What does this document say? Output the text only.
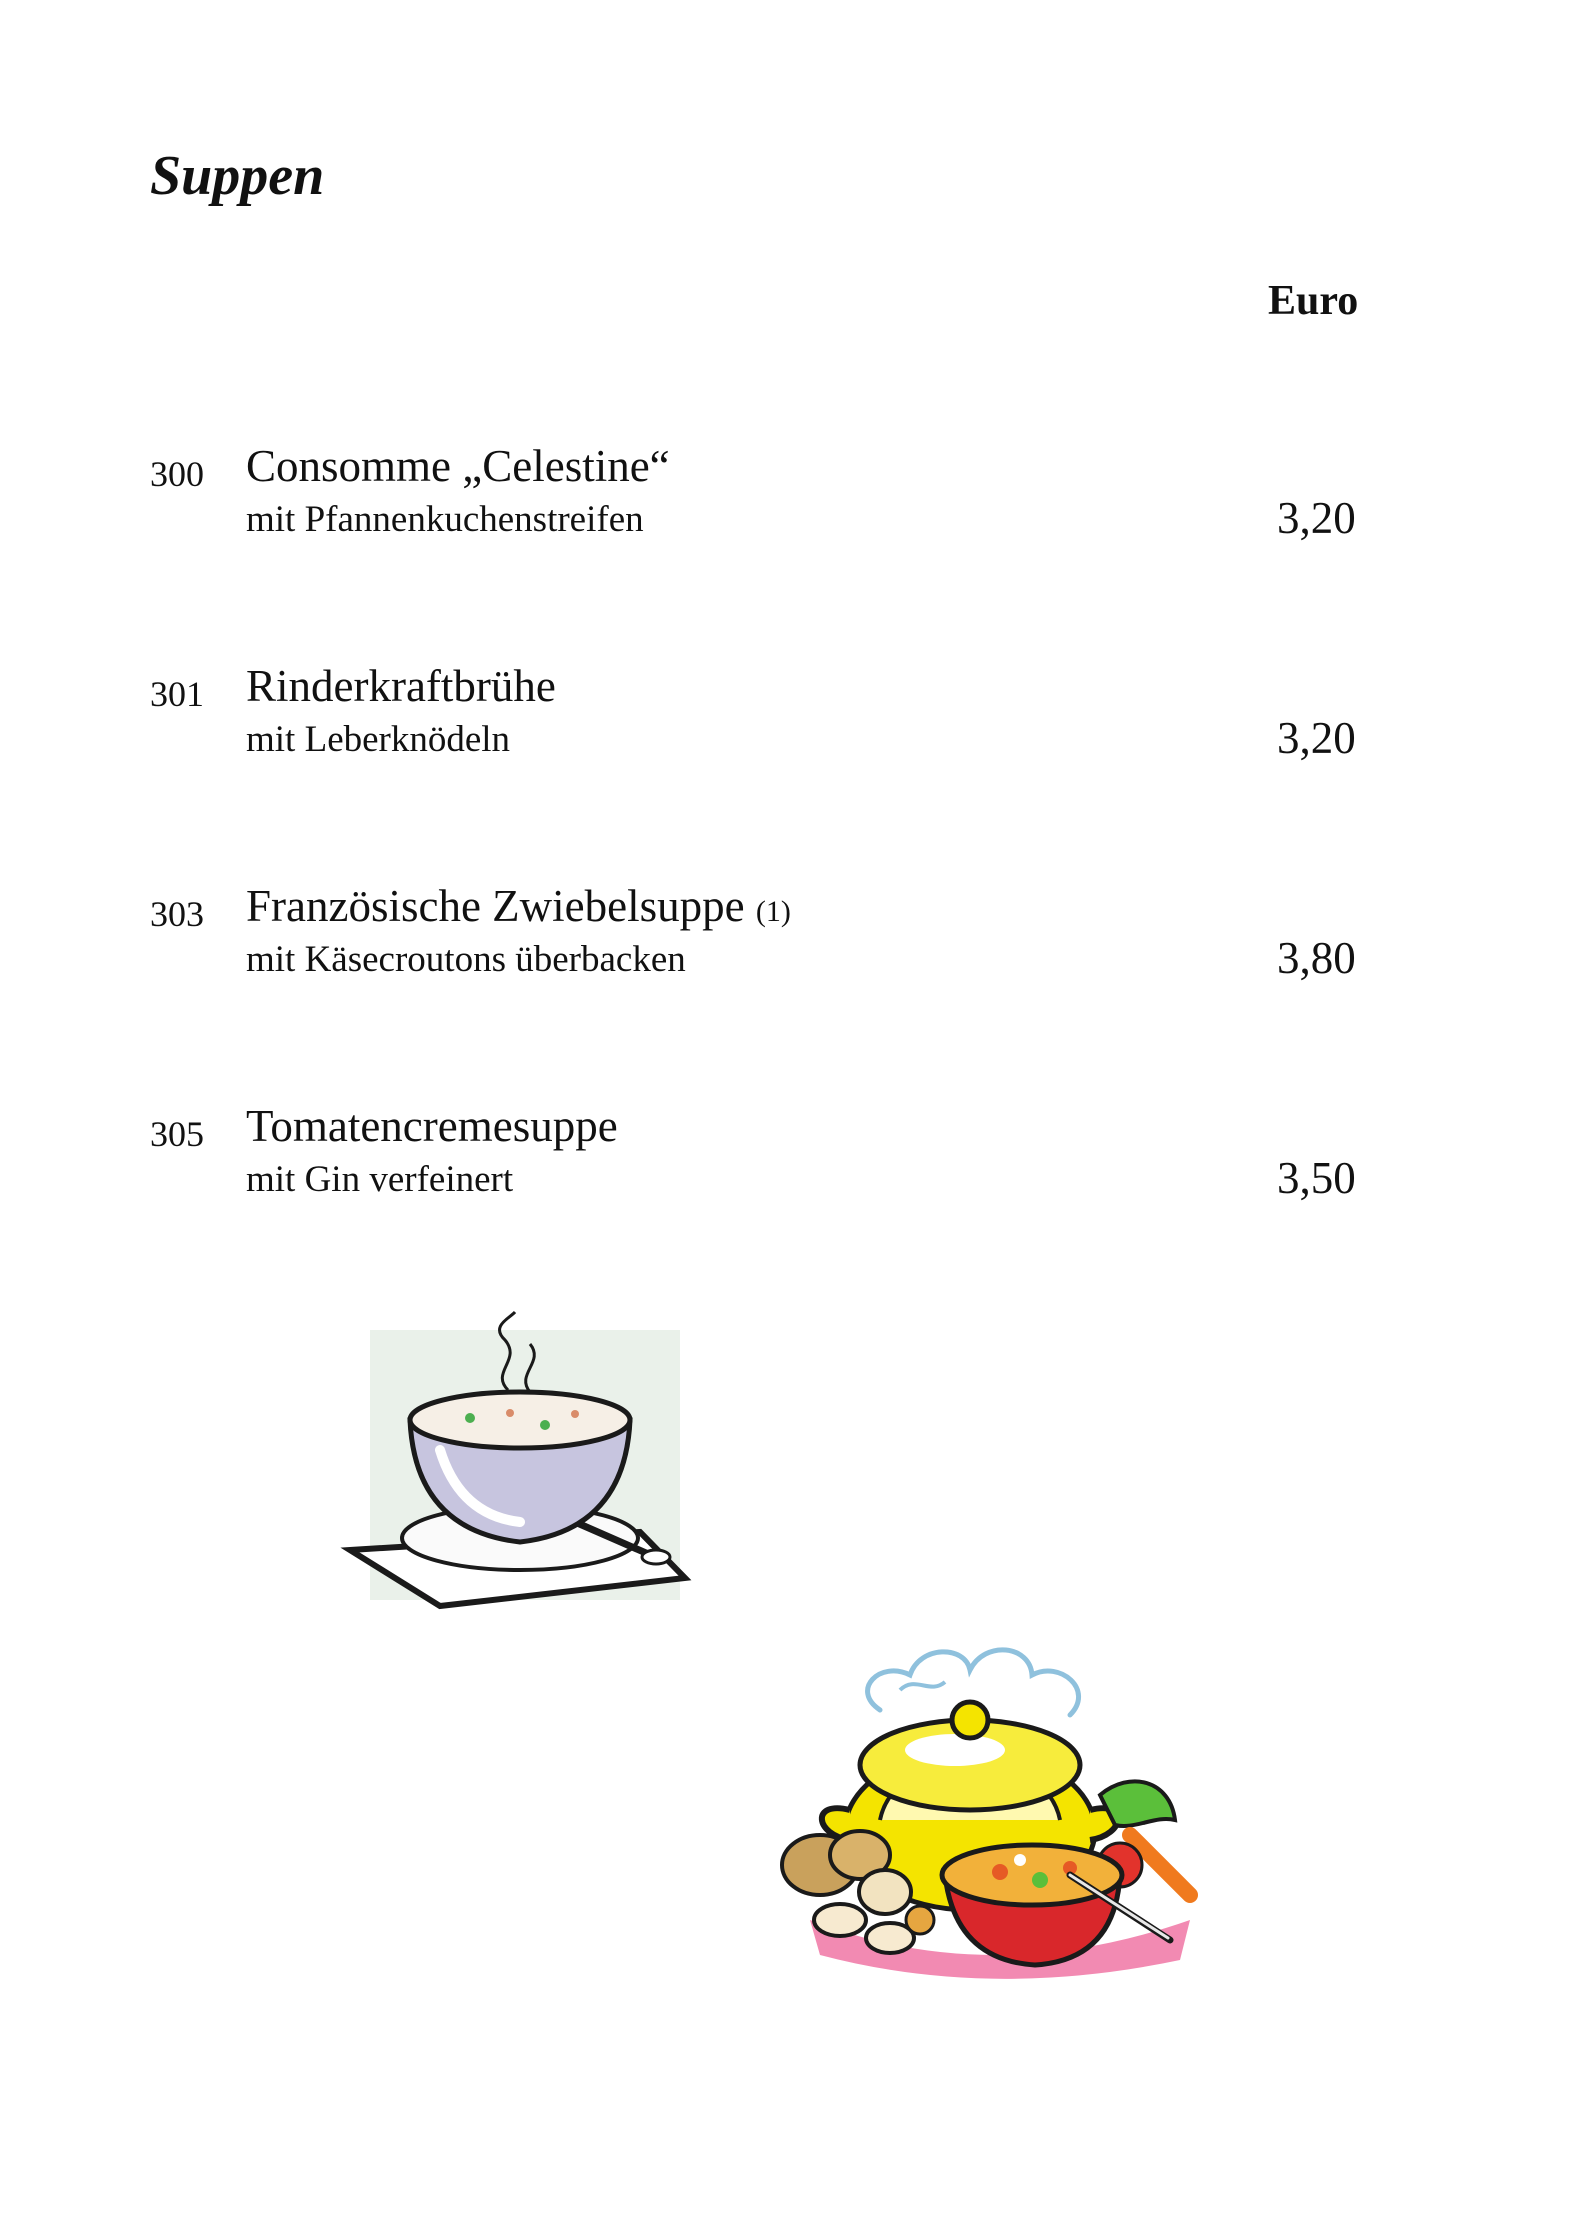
Suppen
Euro
300 Consomme „Celestine“
mit Pfannenkuchenstreifen	3,20
301 Rinderkraftbrühe
mit Leberknödeln	3,20
303 Französische Zwiebelsuppe (1)
mit Käsecroutons überbacken	3,80
305 Tomatencremesuppe
mit Gin verfeinert	3,50
